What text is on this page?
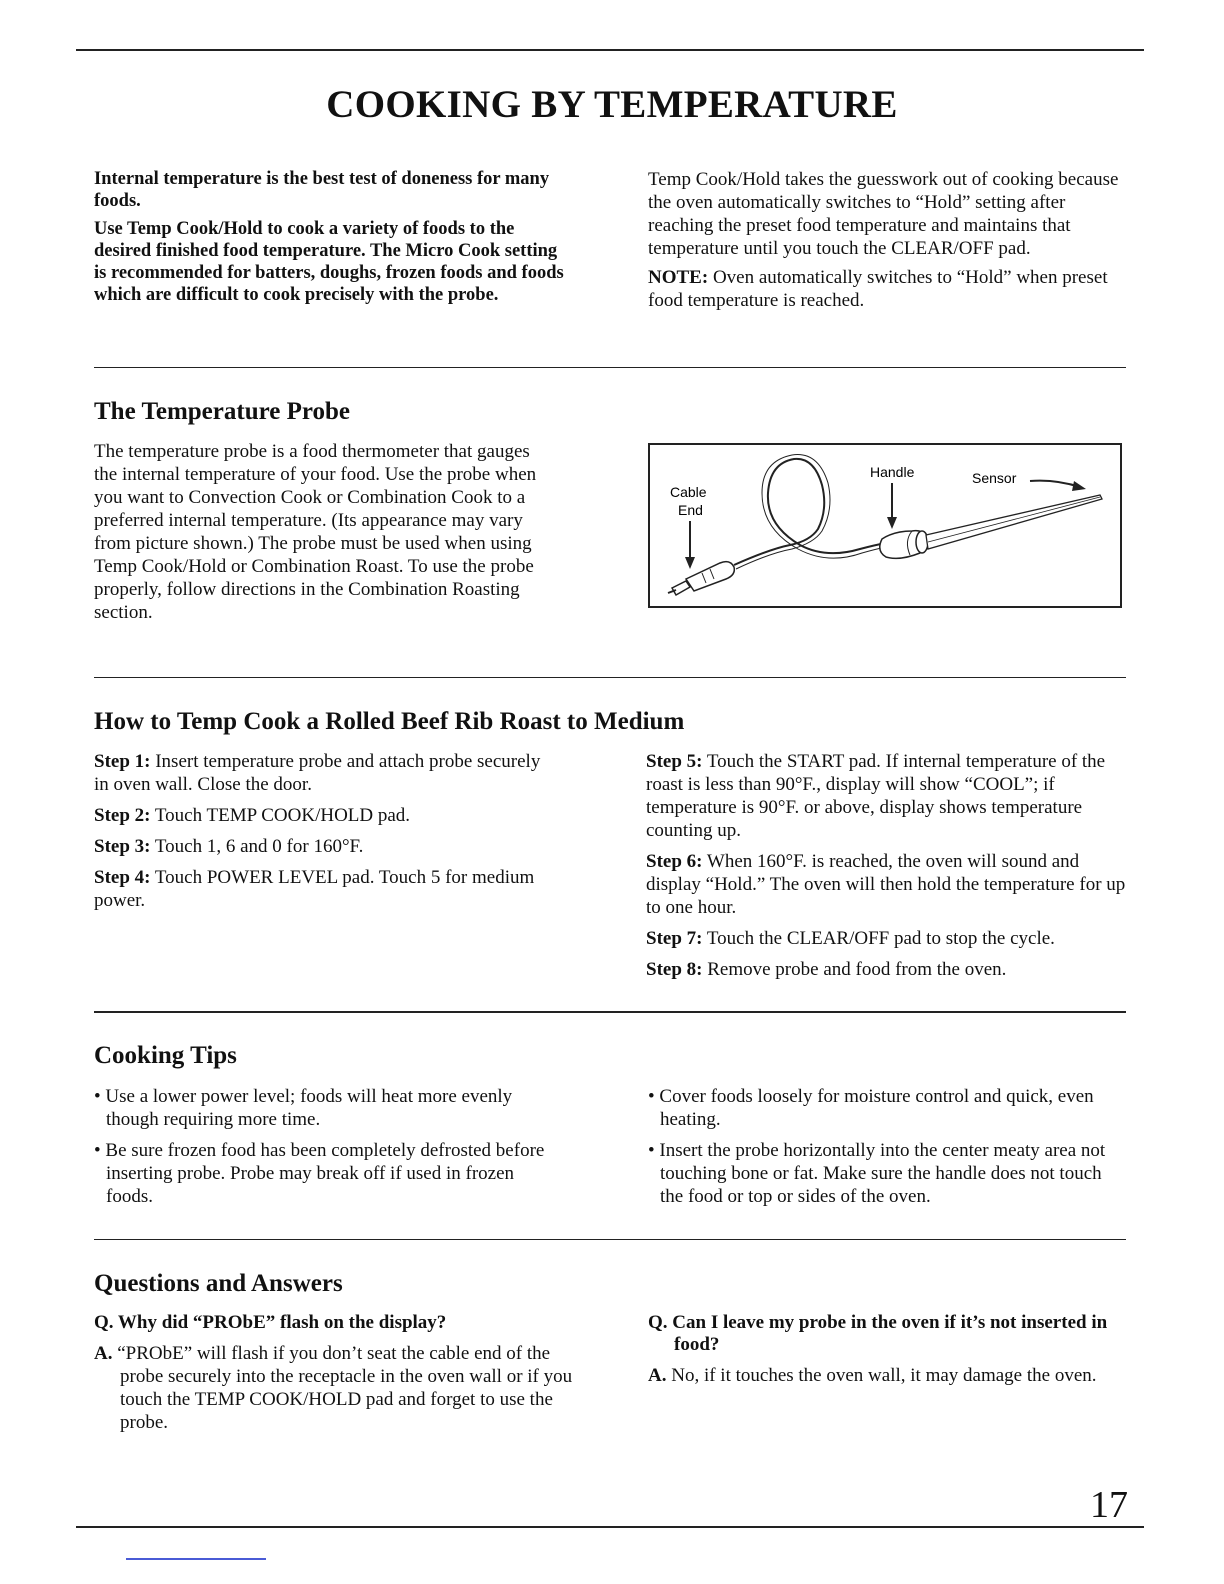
COOKING BY TEMPERATURE

Internal temperature is the best test of doneness for many foods.

Use Temp Cook/Hold to cook a variety of foods to the desired finished food temperature. The Micro Cook setting is recommended for batters, doughs, frozen foods and foods which are difficult to cook precisely with the probe.

Temp Cook/Hold takes the guesswork out of cooking because the oven automatically switches to “Hold” setting after reaching the preset food temperature and maintains that temperature until you touch the CLEAR/OFF pad.

NOTE: Oven automatically switches to “Hold” when preset food temperature is reached.

The Temperature Probe

The temperature probe is a food thermometer that gauges the internal temperature of your food. Use the probe when you want to Convection Cook or Combination Cook to a preferred internal temperature. (Its appearance may vary from picture shown.) The probe must be used when using Temp Cook/Hold or Combination Roast. To use the probe properly, follow directions in the Combination Roasting section.

Cable
End
Handle	Sensor
How to Temp Cook a Rolled Beef Rib Roast to Medium

Step 1: Insert temperature probe and attach probe securely in oven wall. Close the door.

Step 2: Touch TEMP COOK/HOLD pad.

Step 3: Touch 1, 6 and 0 for 160°F.

Step 4: Touch POWER LEVEL pad. Touch 5 for medium power.

Step 5: Touch the START pad. If internal temperature of the roast is less than 90°F., display will show “COOL”; if temperature is 90°F. or above, display shows temperature counting up.

Step 6: When 160°F. is reached, the oven will sound and display “Hold.” The oven will then hold the temperature for up to one hour.

Step 7: Touch the CLEAR/OFF pad to stop the cycle.

Step 8: Remove probe and food from the oven.

Cooking Tips

• Use a lower power level; foods will heat more evenly though requiring more time.

• Be sure frozen food has been completely defrosted before inserting probe. Probe may break off if used in frozen foods.

• Cover foods loosely for moisture control and quick, even heating.

• Insert the probe horizontally into the center meaty area not touching bone or fat. Make sure the handle does not touch the food or top or sides of the oven.

Questions and Answers

Q. Why did “PRObE” flash on the display?

A. “PRObE” will flash if you don’t seat the cable end of the probe securely into the receptacle in the oven wall or if you touch the TEMP COOK/HOLD pad and forget to use the probe.

Q. Can I leave my probe in the oven if it’s not inserted in food?

A. No, if it touches the oven wall, it may damage the oven.

17
